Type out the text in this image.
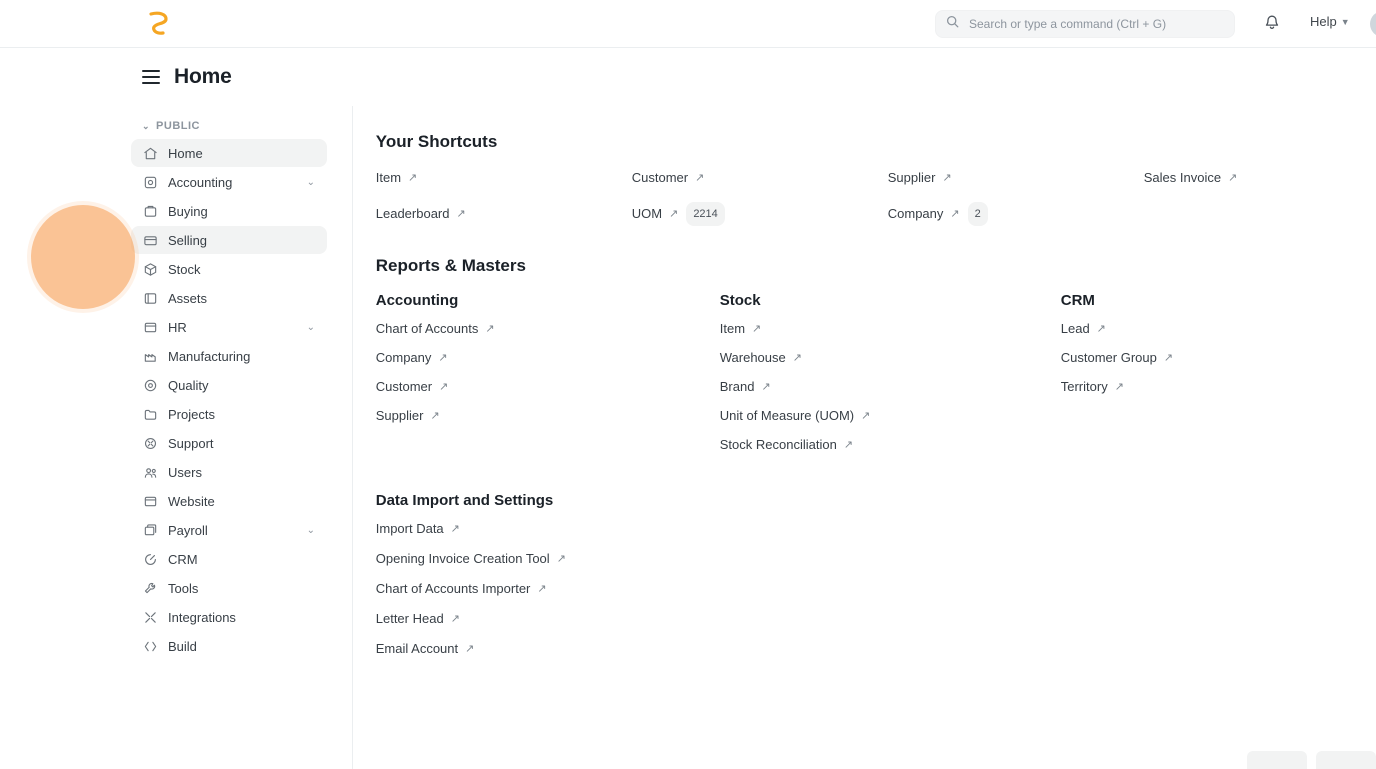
Search or type a command (Ctrl + G)
Help ▼
Home
⌄ PUBLIC
Home
Accounting	⌄
Buying
Selling
Stock
Assets
HR	⌄
Manufacturing
Quality
Projects
Support
Users
Website
Payroll	⌄
CRM
Tools
Integrations
Build
Your Shortcuts
Item ↗	Customer ↗	Supplier ↗	Sales Invoice ↗
Leaderboard ↗	UOM ↗	2214	Company ↗	2
Reports & Masters
Accounting
Chart of Accounts ↗
Company ↗
Customer ↗
Supplier ↗
Stock
Item ↗
Warehouse ↗
Brand ↗
Unit of Measure (UOM) ↗
Stock Reconciliation ↗
CRM
Lead ↗
Customer Group ↗
Territory ↗
Data Import and Settings
Import Data ↗
Opening Invoice Creation Tool ↗
Chart of Accounts Importer ↗
Letter Head ↗
Email Account ↗
